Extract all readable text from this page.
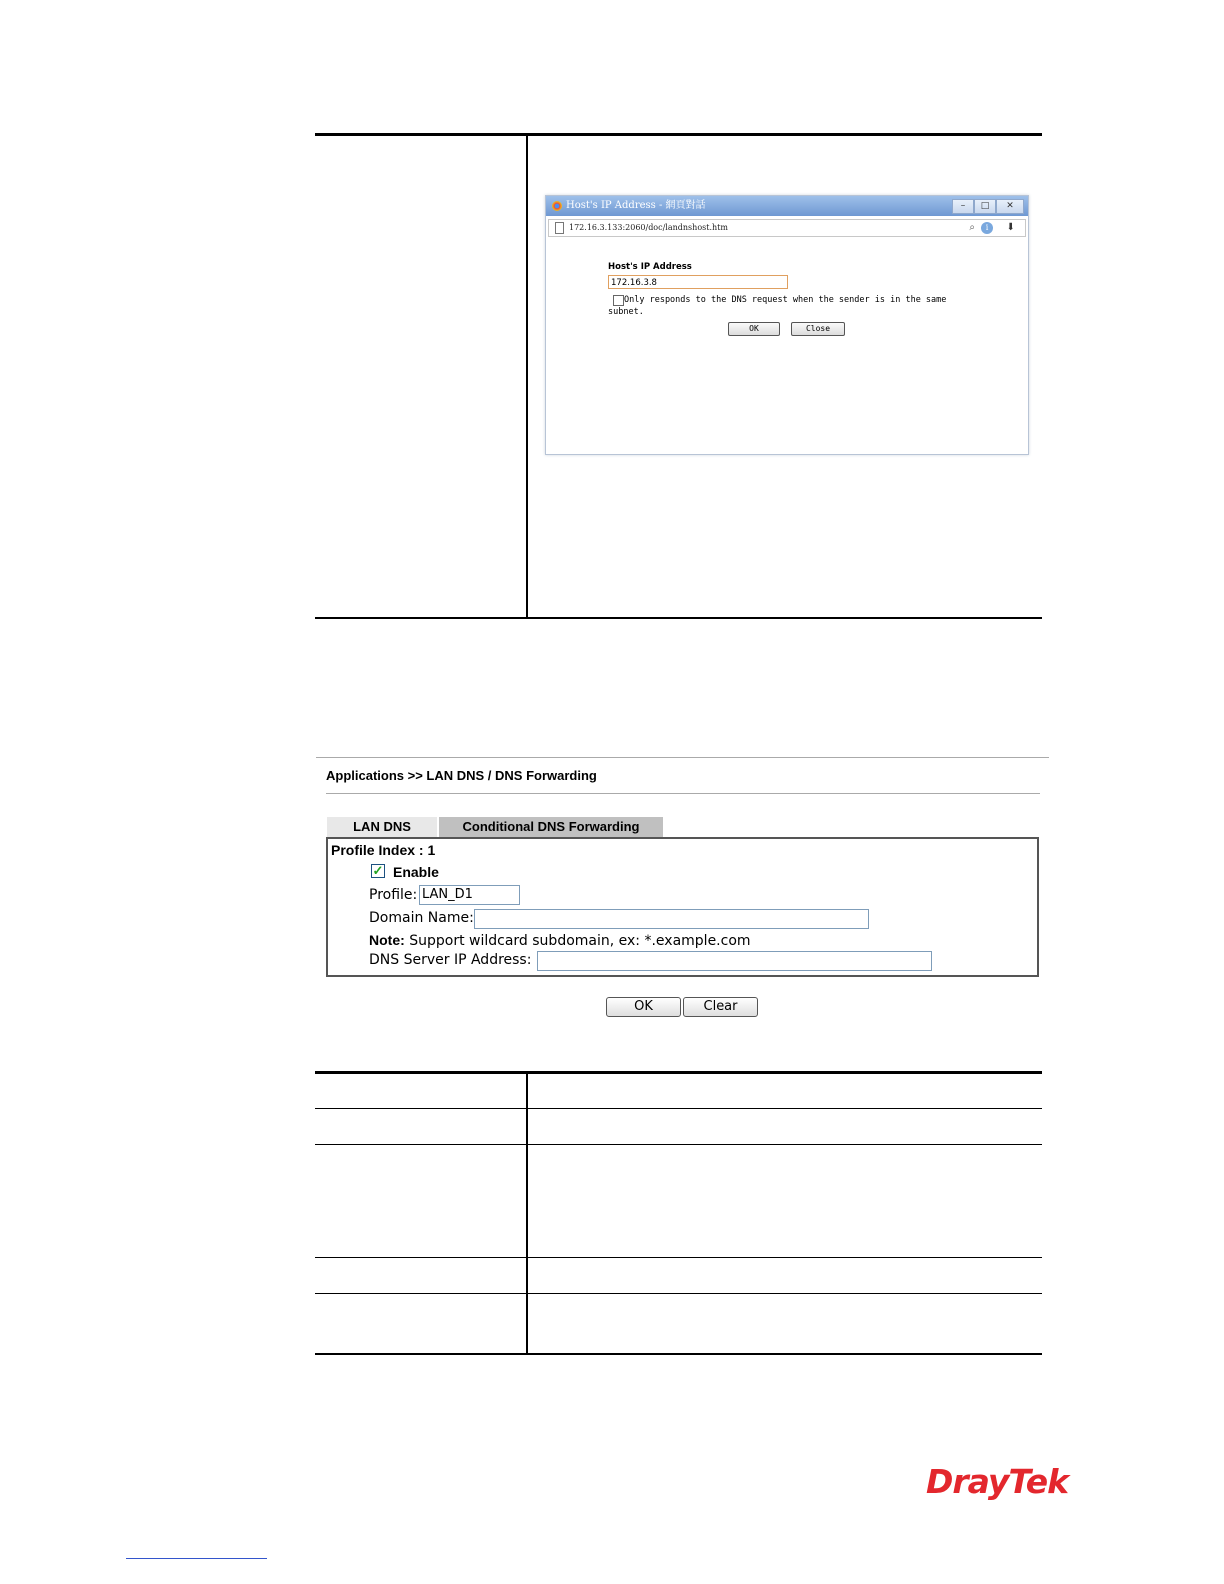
Host's IP Address - 網頁對話	–	□	✕
172.16.3.133:2060/doc/landnshost.htm	⌕	i	⬇
Host's IP Address
172.16.3.8
Only responds to the DNS request when the sender is in the same subnet.
OK	Close
Applications >> LAN DNS / DNS Forwarding
LAN DNS	Conditional DNS Forwarding
Profile Index : 1
✓ Enable
Profile: LAN_D1
Domain Name:
Note: Support wildcard subdomain, ex: *.example.com
DNS Server IP Address:
OK	Clear
DrayTek
